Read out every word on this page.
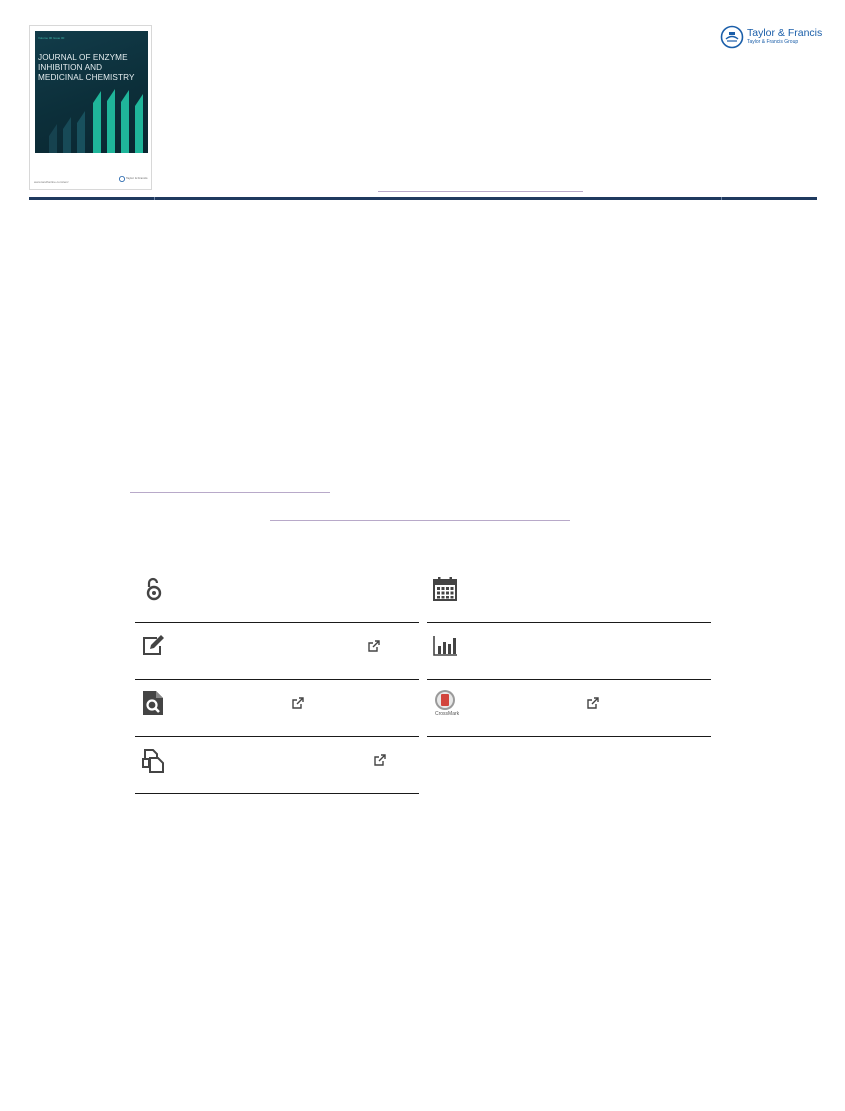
Volume 00 Issue 00
JOURNAL OF ENZYME INHIBITION AND MEDICINAL CHEMISTRY
www.tandfonline.com/ienz
Taylor & Francis
Taylor & Francis
Taylor & Francis Group
CrossMark
